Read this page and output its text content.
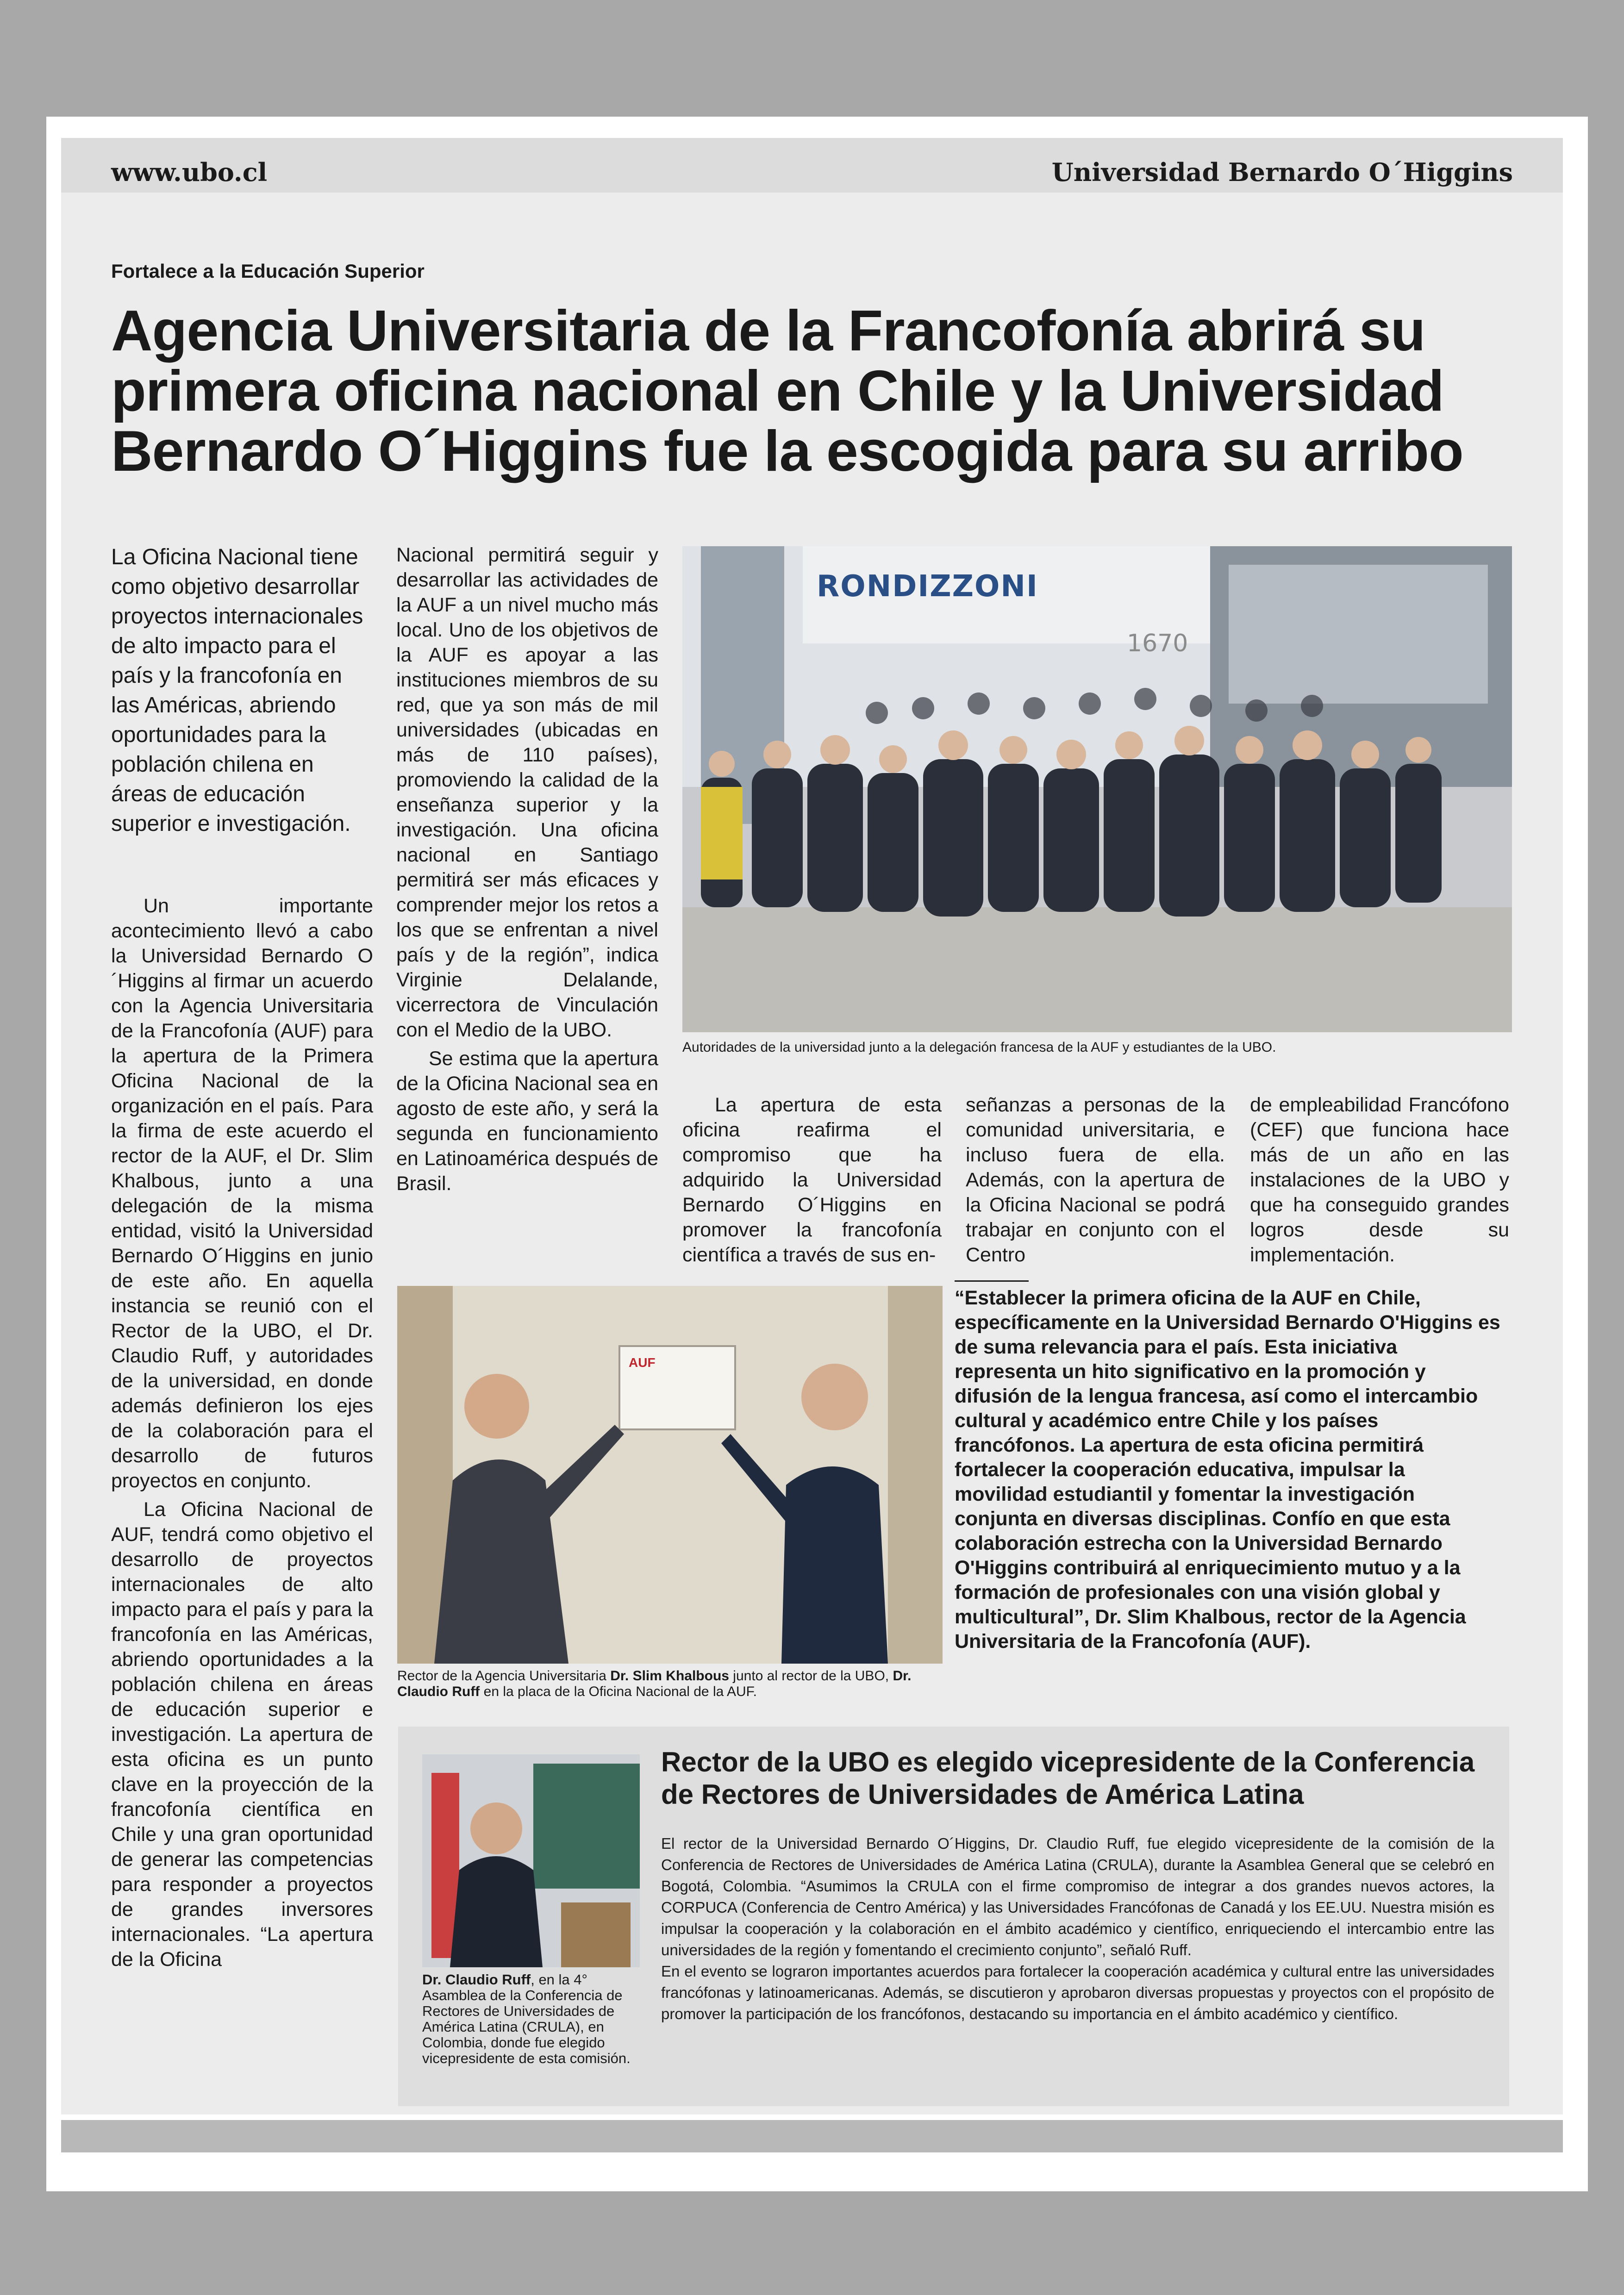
www.ubo.cl	Universidad Bernardo O´Higgins
Fortalece a la Educación Superior
Agencia Universitaria de la Francofonía abrirá su primera oficina nacional en Chile y la Universidad Bernardo O´Higgins fue la escogida para su arribo
La Oficina Nacional tiene como objetivo desarrollar proyectos internacionales de alto impacto para el país y la francofonía en las Américas, abriendo oportunidades para la población chilena en áreas de educación superior e investigación.

Un importante acontecimiento llevó a cabo la Universidad Bernardo O´Higgins al firmar un acuerdo con la Agencia Universitaria de la Francofonía (AUF) para la apertura de la Primera Oficina Nacional de la organización en el país. Para la firma de este acuerdo el rector de la AUF, el Dr. Slim Khalbous, junto a una delegación de la misma entidad, visitó la Universidad Bernardo O´Higgins en junio de este año. En aquella instancia se reunió con el Rector de la UBO, el Dr. Claudio Ruff, y autoridades de la universidad, en donde además definieron los ejes de la colaboración para el desarrollo de futuros proyectos en conjunto.

La Oficina Nacional de AUF, tendrá como objetivo el desarrollo de proyectos internacionales de alto impacto para el país y para la francofonía en las Américas, abriendo oportunidades a la población chilena en áreas de educación superior e investigación. La apertura de esta oficina es un punto clave en la proyección de la francofonía científica en Chile y una gran oportunidad de generar las competencias para responder a proyectos de grandes inversores internacionales. “La apertura de la Oficina

Nacional permitirá seguir y desarrollar las actividades de la AUF a un nivel mucho más local. Uno de los objetivos de la AUF es apoyar a las instituciones miembros de su red, que ya son más de mil universidades (ubicadas en más de 110 países), promoviendo la calidad de la enseñanza superior y la investigación. Una oficina nacional en Santiago permitirá ser más eficaces y comprender mejor los retos a los que se enfrentan a nivel país y de la región”, indica Virginie Delalande, vicerrectora de Vinculación con el Medio de la UBO.

Se estima que la apertura de la Oficina Nacional sea en agosto de este año, y será la segunda en funcionamiento en Latinoamérica después de Brasil.

RONDIZZONI
1670
Autoridades de la universidad junto a la delegación francesa de la AUF y estudiantes de la UBO.

La apertura de esta oficina reafirma el compromiso que ha adquirido la Universidad Bernardo O´Higgins en promover la francofonía científica a través de sus en-

señanzas a personas de la comunidad universitaria, e incluso fuera de ella. Además, con la apertura de la Oficina Nacional se podrá trabajar en conjunto con el Centro

de empleabilidad Francófono (CEF) que funciona hace más de un año en las instalaciones de la UBO y que ha conseguido grandes logros desde su implementación.

AUF
Rector de la Agencia Universitaria Dr. Slim Khalbous junto al rector de la UBO, Dr. Claudio Ruff en la placa de la Oficina Nacional de la AUF.
“Establecer la primera oficina de la AUF en Chile, específicamente en la Universidad Bernardo O'Higgins es de suma relevancia para el país. Esta iniciativa representa un hito significativo en la promoción y difusión de la lengua francesa, así como el intercambio cultural y académico entre Chile y los países francófonos. La apertura de esta oficina permitirá fortalecer la cooperación educativa, impulsar la movilidad estudiantil y fomentar la investigación conjunta en diversas disciplinas. Confío en que esta colaboración estrecha con la Universidad Bernardo O'Higgins contribuirá al enriquecimiento mutuo y a la formación de profesionales con una visión global y multicultural”, Dr. Slim Khalbous, rector de la Agencia Universitaria de la Francofonía (AUF).
Dr. Claudio Ruff, en la 4° Asamblea de la Conferencia de Rectores de Universidades de América Latina (CRULA), en Colombia, donde fue elegido vicepresidente de esta comisión.
Rector de la UBO es elegido vicepresidente de la Conferencia de Rectores de Universidades de América Latina

El rector de la Universidad Bernardo O´Higgins, Dr. Claudio Ruff, fue elegido vicepresidente de la comisión de la Conferencia de Rectores de Universidades de América Latina (CRULA), durante la Asamblea General que se celebró en Bogotá, Colombia. “Asumimos la CRULA con el firme compromiso de integrar a dos grandes nuevos actores, la CORPUCA (Conferencia de Centro América) y las Universidades Francófonas de Canadá y los EE.UU. Nuestra misión es impulsar la cooperación y la colaboración en el ámbito académico y científico, enriqueciendo el intercambio entre las universidades de la región y fomentando el crecimiento conjunto”, señaló Ruff.

En el evento se lograron importantes acuerdos para fortalecer la cooperación académica y cultural entre las universidades francófonas y latinoamericanas. Además, se discutieron y aprobaron diversas propuestas y proyectos con el propósito de promover la participación de los francófonos, destacando su importancia en el ámbito académico y científico.
